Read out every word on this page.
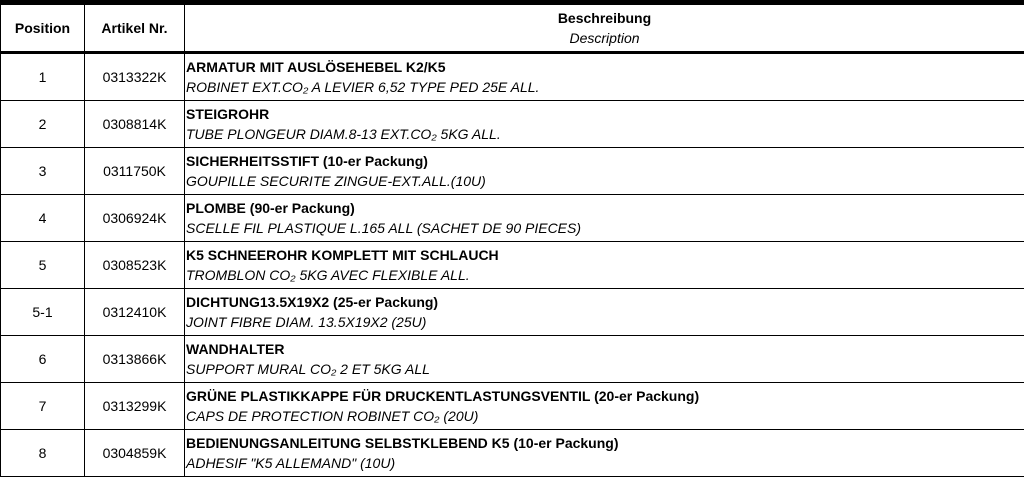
Position	Artikel Nr.	Beschreibung
Description

1	0313322K	ARMATUR MIT AUSLÖSEHEBEL K2/K5
ROBINET EXT.CO₂ A LEVIER 6,52 TYPE PED 25E ALL.

2	0308814K	STEIGROHR
TUBE PLONGEUR DIAM.8-13 EXT.CO₂ 5KG ALL.

3	0311750K	SICHERHEITSSTIFT (10-er Packung)
GOUPILLE SECURITE ZINGUE-EXT.ALL.(10U)

4	0306924K	PLOMBE (90-er Packung)
SCELLE FIL PLASTIQUE L.165 ALL (SACHET DE 90 PIECES)

5	0308523K	K5 SCHNEEROHR KOMPLETT MIT SCHLAUCH
TROMBLON CO₂ 5KG AVEC FLEXIBLE ALL.

5-1	0312410K	DICHTUNG13.5X19X2 (25-er Packung)
JOINT FIBRE DIAM. 13.5X19X2 (25U)

6	0313866K	WANDHALTER
SUPPORT MURAL CO₂ 2 ET 5KG ALL

7	0313299K	GRÜNE PLASTIKKAPPE FÜR DRUCKENTLASTUNGSVENTIL (20-er Packung)
CAPS DE PROTECTION ROBINET CO₂ (20U)

8	0304859K	BEDIENUNGSANLEITUNG SELBSTKLEBEND K5 (10-er Packung)
ADHESIF "K5 ALLEMAND" (10U)
